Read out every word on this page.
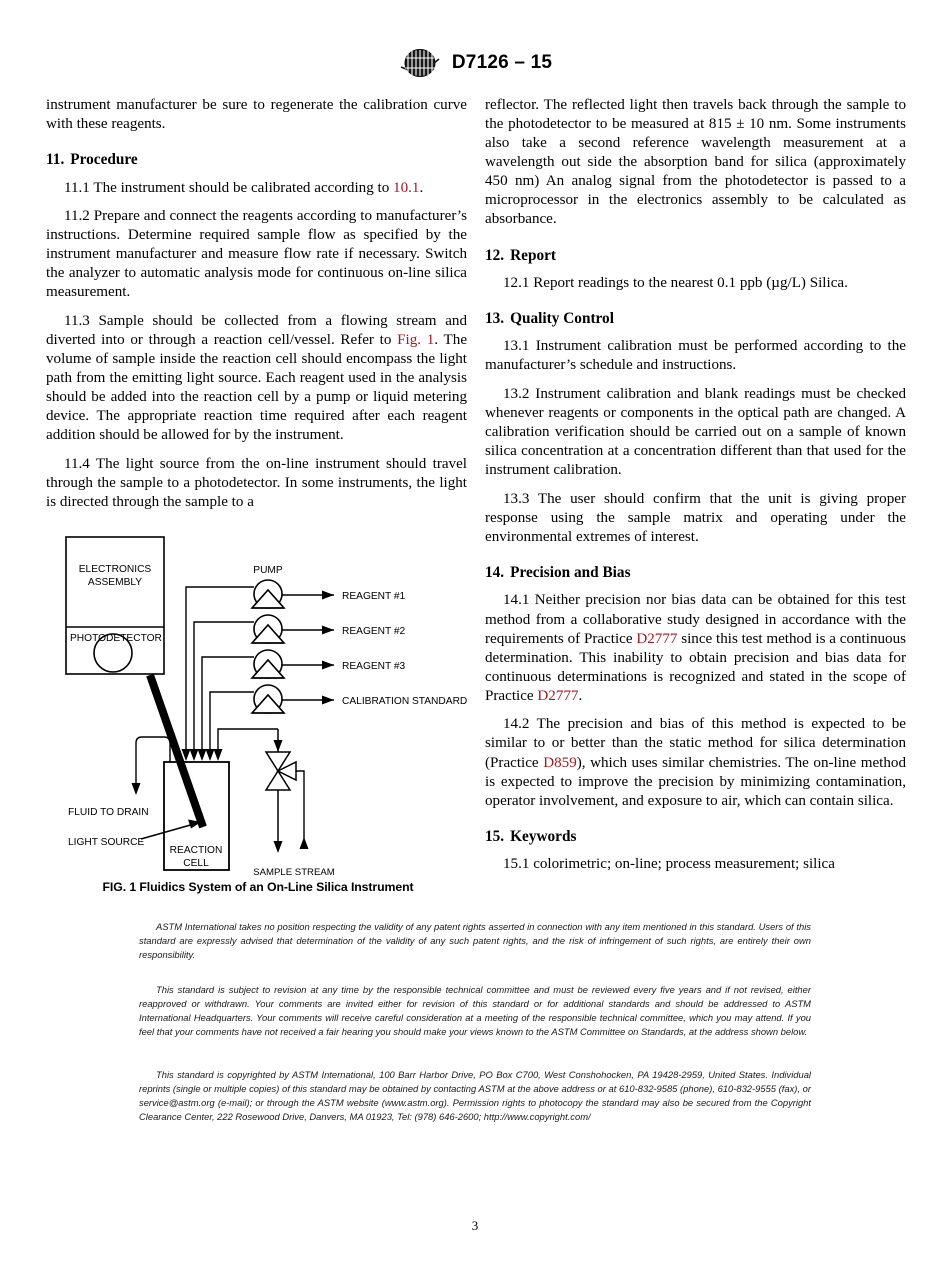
D7126 – 15

instrument manufacturer be sure to regenerate the calibration curve with these reagents.

11. Procedure

11.1 The instrument should be calibrated according to 10.1.

11.2 Prepare and connect the reagents according to manufacturer’s instructions. Determine required sample flow as specified by the instrument manufacturer and measure flow rate if necessary. Switch the analyzer to automatic analysis mode for continuous on-line silica measurement.

11.3 Sample should be collected from a flowing stream and diverted into or through a reaction cell/vessel. Refer to Fig. 1. The volume of sample inside the reaction cell should encompass the light path from the emitting light source. Each reagent used in the analysis should be added into the reaction cell by a pump or liquid metering device. The appropriate reaction time required after each reagent addition should be allowed for by the instrument.

11.4 The light source from the on-line instrument should travel through the sample to a photodetector. In some instruments, the light is directed through the sample to a

reflector. The reflected light then travels back through the sample to the photodetector to be measured at 815 ± 10 nm. Some instruments also take a second reference wavelength measurement at a wavelength out side the absorption band for silica (approximately 450 nm) An analog signal from the photodetector is passed to a microprocessor in the electronics assembly to be calculated as absorbance.

12. Report

12.1 Report readings to the nearest 0.1 ppb (µg/L) Silica.

13. Quality Control

13.1 Instrument calibration must be performed according to the manufacturer’s schedule and instructions.

13.2 Instrument calibration and blank readings must be checked whenever reagents or components in the optical path are changed. A calibration verification should be carried out on a sample of known silica concentration at a concentration different than that used for the instrument calibration.

13.3 The user should confirm that the unit is giving proper response using the sample matrix and operating under the environmental extremes of interest.

14. Precision and Bias

14.1 Neither precision nor bias data can be obtained for this test method from a collaborative study designed in accordance with the requirements of Practice D2777 since this test method is a continuous determination. This inability to obtain precision and bias data for continuous determinations is recognized and stated in the scope of Practice D2777.

14.2 The precision and bias of this method is expected to be similar to or better than the static method for silica determination (Practice D859), which uses similar chemistries. The on-line method is expected to improve the precision by minimizing contamination, operator involvement, and exposure to air, which can contain silica.

15. Keywords

15.1 colorimetric; on-line; process measurement; silica

ELECTRONICS
ASSEMBLY
PHOTODETECTOR
PUMP
REAGENT #1
REAGENT #2
REAGENT #3
CALIBRATION STANDARD
FLUID TO DRAIN
LIGHT SOURCE
REACTION
CELL
SAMPLE STREAM
FIG. 1 Fluidics System of an On-Line Silica Instrument

ASTM International takes no position respecting the validity of any patent rights asserted in connection with any item mentioned in this standard. Users of this standard are expressly advised that determination of the validity of any such patent rights, and the risk of infringement of such rights, are entirely their own responsibility.

This standard is subject to revision at any time by the responsible technical committee and must be reviewed every five years and if not revised, either reapproved or withdrawn. Your comments are invited either for revision of this standard or for additional standards and should be addressed to ASTM International Headquarters. Your comments will receive careful consideration at a meeting of the responsible technical committee, which you may attend. If you feel that your comments have not received a fair hearing you should make your views known to the ASTM Committee on Standards, at the address shown below.

This standard is copyrighted by ASTM International, 100 Barr Harbor Drive, PO Box C700, West Conshohocken, PA 19428-2959, United States. Individual reprints (single or multiple copies) of this standard may be obtained by contacting ASTM at the above address or at 610-832-9585 (phone), 610-832-9555 (fax), or service@astm.org (e-mail); or through the ASTM website (www.astm.org). Permission rights to photocopy the standard may also be secured from the Copyright Clearance Center, 222 Rosewood Drive, Danvers, MA 01923, Tel: (978) 646-2600; http://www.copyright.com/

3
